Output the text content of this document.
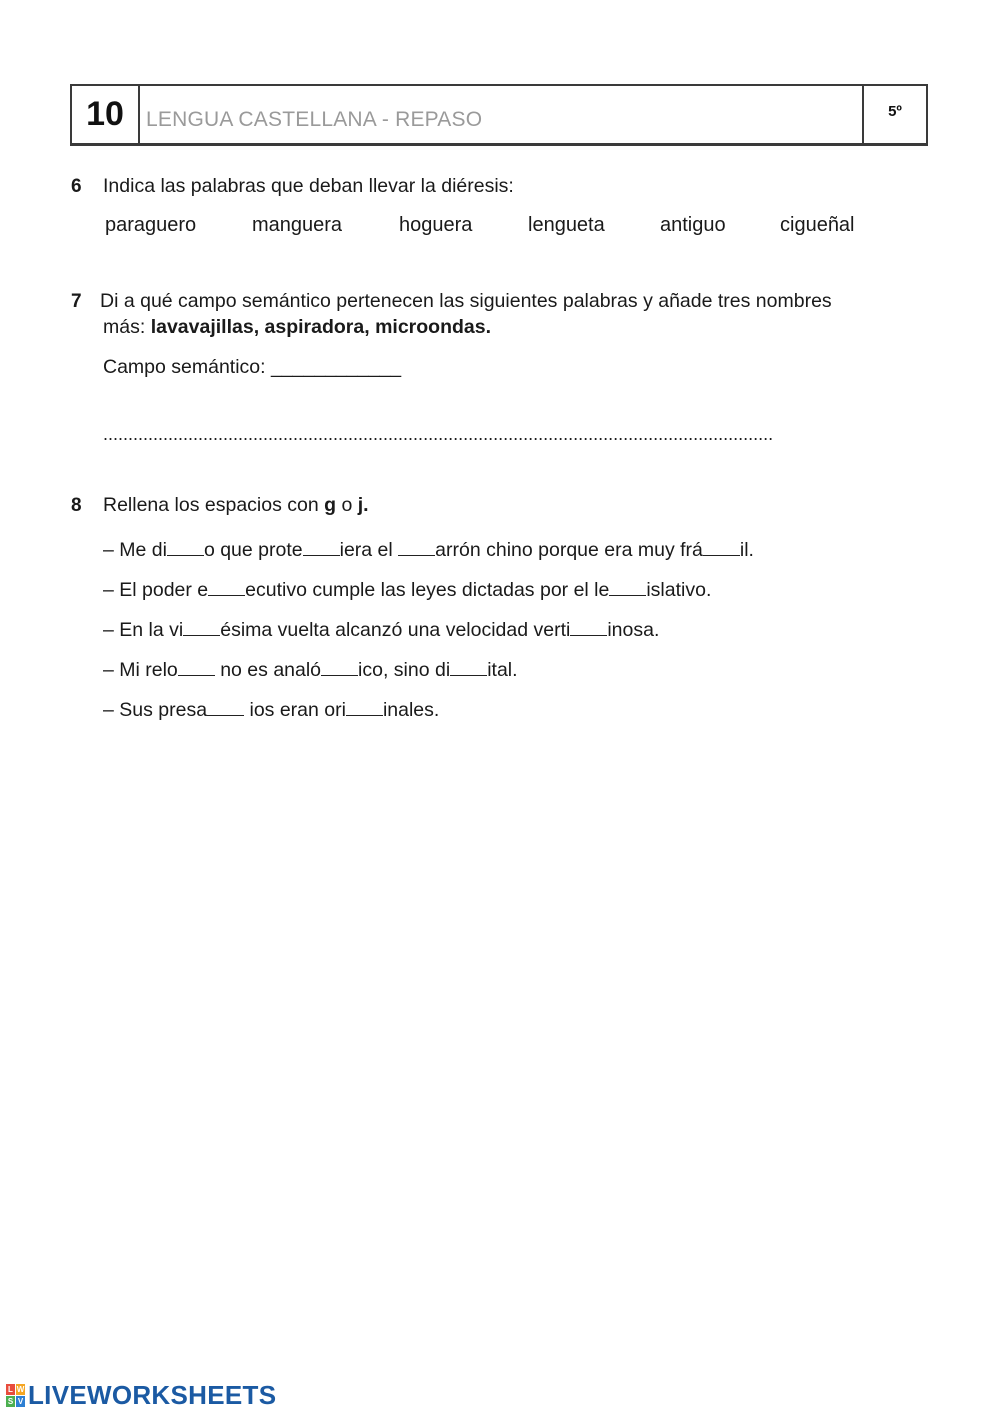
10	LENGUA CASTELLANA - REPASO	5º
6 Indica las palabras que deban llevar la diéresis:
paraguero	manguera	hoguera	lengueta	antiguo	cigueñal
7 Di a qué campo semántico pertenecen las siguientes palabras y añade tres nombres
más: lavavajillas, aspiradora, microondas.
Campo semántico: ____________
......................................................................................................................................
8 Rellena los espacios con g o j.
– Me di o que prote iera el arrón chino porque era muy frá il.
– El poder e ecutivo cumple las leyes dictadas por el le islativo.
– En la vi ésima vuelta alcanzó una velocidad verti inosa.
– Mi relo no es analó ico, sino di ital.
– Sus presa ios eran ori inales.
L W
S V LIVEWORKSHEETS
